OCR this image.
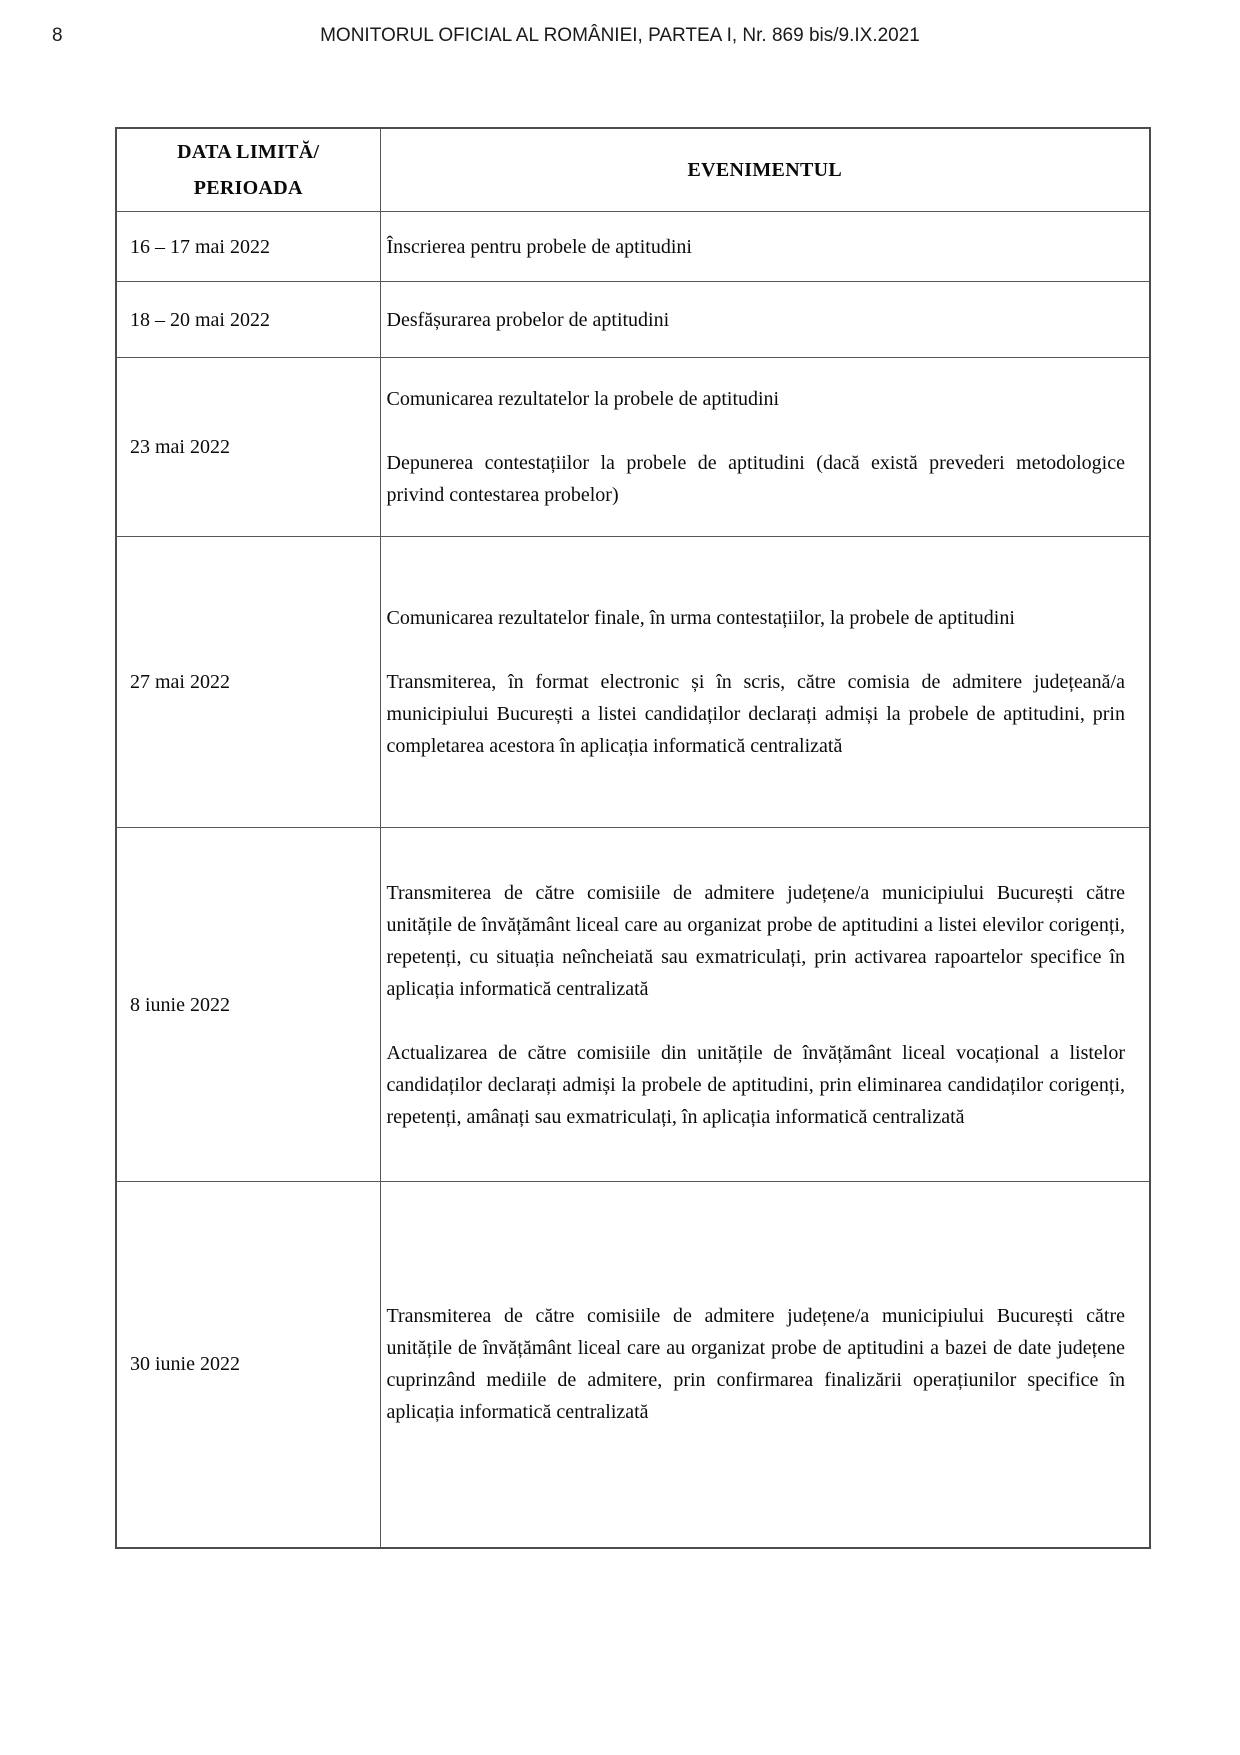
8	MONITORUL OFICIAL AL ROMÂNIEI, PARTEA I, Nr. 869 bis/9.IX.2021
DATA LIMITĂ/
PERIOADA	EVENIMENTUL
16 – 17 mai 2022	Înscrierea pentru probele de aptitudini

18 – 20 mai 2022	Desfășurarea probelor de aptitudini

23 mai 2022	Comunicarea rezultatelor la probele de aptitudini

Depunerea contestațiilor la probele de aptitudini (dacă există prevederi metodologice privind contestarea probelor)

27 mai 2022	Comunicarea rezultatelor finale, în urma contestațiilor, la probele de aptitudini

Transmiterea, în format electronic și în scris, către comisia de admitere județeană/a municipiului București a listei candidaților declarați admiși la probele de aptitudini, prin completarea acestora în aplicația informatică centralizată

8 iunie 2022	Transmiterea de către comisiile de admitere județene/a municipiului București către unitățile de învățământ liceal care au organizat probe de aptitudini a listei elevilor corigenți, repetenți, cu situația neîncheiată sau exmatriculați, prin activarea rapoartelor specifice în aplicația informatică centralizată

Actualizarea de către comisiile din unitățile de învățământ liceal vocațional a listelor candidaților declarați admiși la probele de aptitudini, prin eliminarea candidaților corigenți, repetenți, amânați sau exmatriculați, în aplicația informatică centralizată

30 iunie 2022	Transmiterea de către comisiile de admitere județene/a municipiului București către unitățile de învățământ liceal care au organizat probe de aptitudini a bazei de date județene cuprinzând mediile de admitere, prin confirmarea finalizării operațiunilor specifice în aplicația informatică centralizată
